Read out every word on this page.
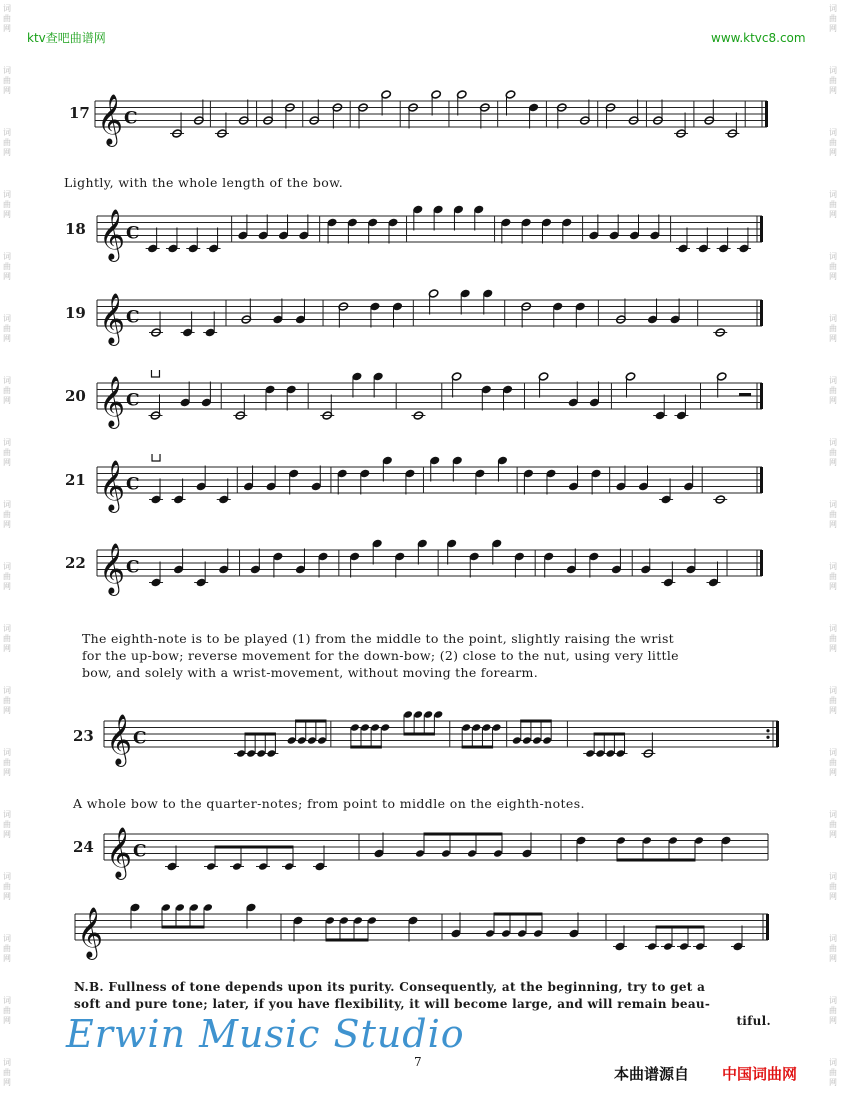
词
曲
网
词
曲
网
词
曲
网
词
曲
网
词
曲
网
词
曲
网
词
曲
网
词
曲
网
词
曲
网
词
曲
网
词
曲
网
词
曲
网
词
曲
网
词
曲
网
词
曲
网
词
曲
网
词
曲
网
词
曲
网
词
曲
网
词
曲
网
词
曲
网
词
曲
网
词
曲
网
词
曲
网
词
曲
网
词
曲
网
词
曲
网
词
曲
网
词
曲
网
词
曲
网
词
曲
网
词
曲
网
词
曲
网
词
曲
网
词
曲
网
词
曲
网
ktv查吧曲谱网	www.ktvc8.com
17 𝄞 C
Lightly, with the whole length of the bow.
18 𝄞 C
19 𝄞 C
20 𝄞 C
21 𝄞 C
22 𝄞 C
The eighth-note is to be played (1) from the middle to the point, slightly raising the wrist
for the up-bow; reverse movement for the down-bow; (2) close to the nut, using very little
bow, and solely with a wrist-movement, without moving the forearm.
23 𝄞 C
A whole bow to the quarter-notes; from point to middle on the eighth-notes.
24 𝄞 C
𝄞
N.B. Fullness of tone depends upon its purity. Consequently, at the beginning, try to get a
soft and pure tone; later, if you have flexibility, it will become large, and will remain beau-
tiful.
Erwin Music Studio
7
本曲谱源自 中国词曲网
